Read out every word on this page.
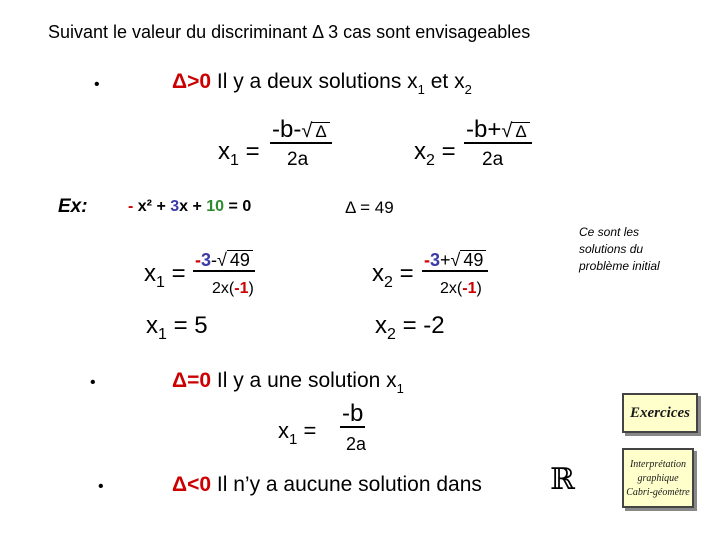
Suivant le valeur du discriminant Δ 3 cas sont envisageables
•	Δ>0 Il y a deux solutions $x_1$ et $x_2$
$x_1$ =
-b-√ Δ
2a	$x_2$ =
-b+√ Δ
2a
Ex:	- x² + 3x + 10 = 0	Δ = 49
$x_1 = -3-√$ 49
2x(-1)
$x_2 = -3+√$ 49
2x(-1)
$x_1 = 5$	$x_2 = -2$
Ce sont les solutions du problème initial
•	Δ=0 Il y a une solution $x_1$
$x_1$ =
-b
2a
•	Δ<0 Il n’y a aucune solution dans ℝ
Exercices
Interprétation graphique Cabri-géomètre
